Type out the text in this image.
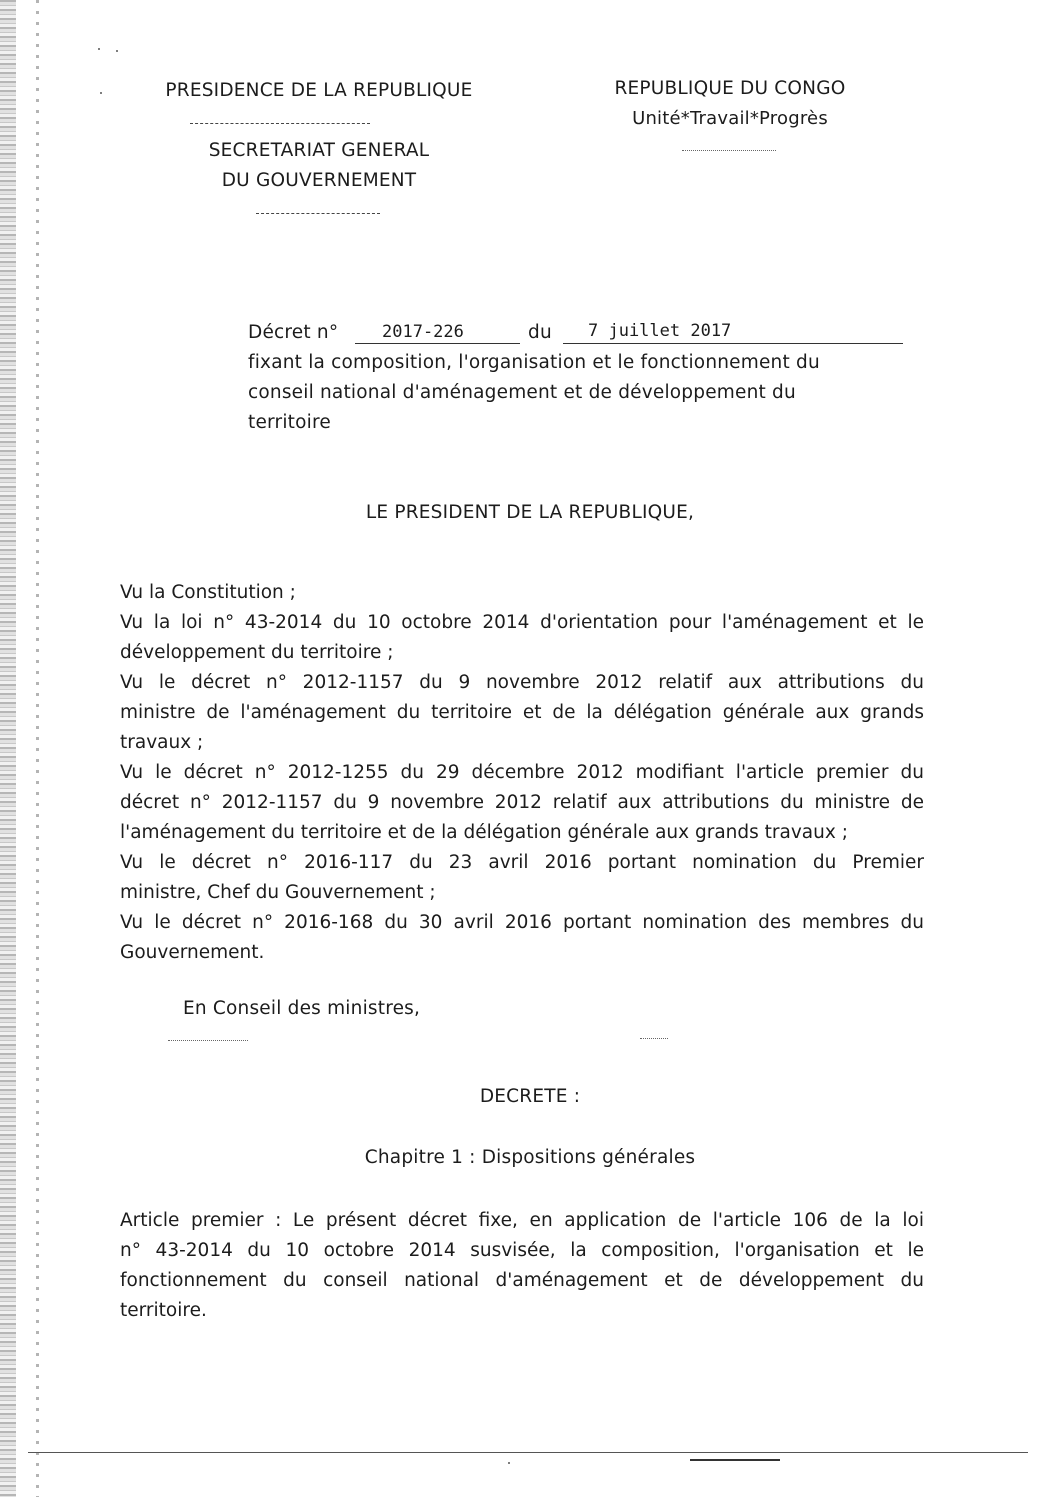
PRESIDENCE DE LA REPUBLIQUE
SECRETARIAT GENERAL
DU GOUVERNEMENT
REPUBLIQUE DU CONGO
Unité*Travail*Progrès
Décret n°	2017-226	du 7 juillet 2017
fixant la composition, l'organisation et le fonctionnement du
conseil national d'aménagement et de développement du
territoire
LE PRESIDENT DE LA REPUBLIQUE,
Vu la Constitution ;
Vu la loi n° 43-2014 du 10 octobre 2014 d'orientation pour l'aménagement et le
développement du territoire ;
Vu le décret n° 2012-1157 du 9 novembre 2012 relatif aux attributions du
ministre de l'aménagement du territoire et de la délégation générale aux grands
travaux ;
Vu le décret n° 2012-1255 du 29 décembre 2012 modifiant l'article premier du
décret n° 2012-1157 du 9 novembre 2012 relatif aux attributions du ministre de
l'aménagement du territoire et de la délégation générale aux grands travaux ;
Vu le décret n° 2016-117 du 23 avril 2016 portant nomination du Premier
ministre, Chef du Gouvernement ;
Vu le décret n° 2016-168 du 30 avril 2016 portant nomination des membres du
Gouvernement.
En Conseil des ministres,
DECRETE :
Chapitre 1 : Dispositions générales
Article premier : Le présent décret fixe, en application de l'article 106 de la loi
n° 43-2014 du 10 octobre 2014 susvisée, la composition, l'organisation et le
fonctionnement du conseil national d'aménagement et de développement du
territoire.
